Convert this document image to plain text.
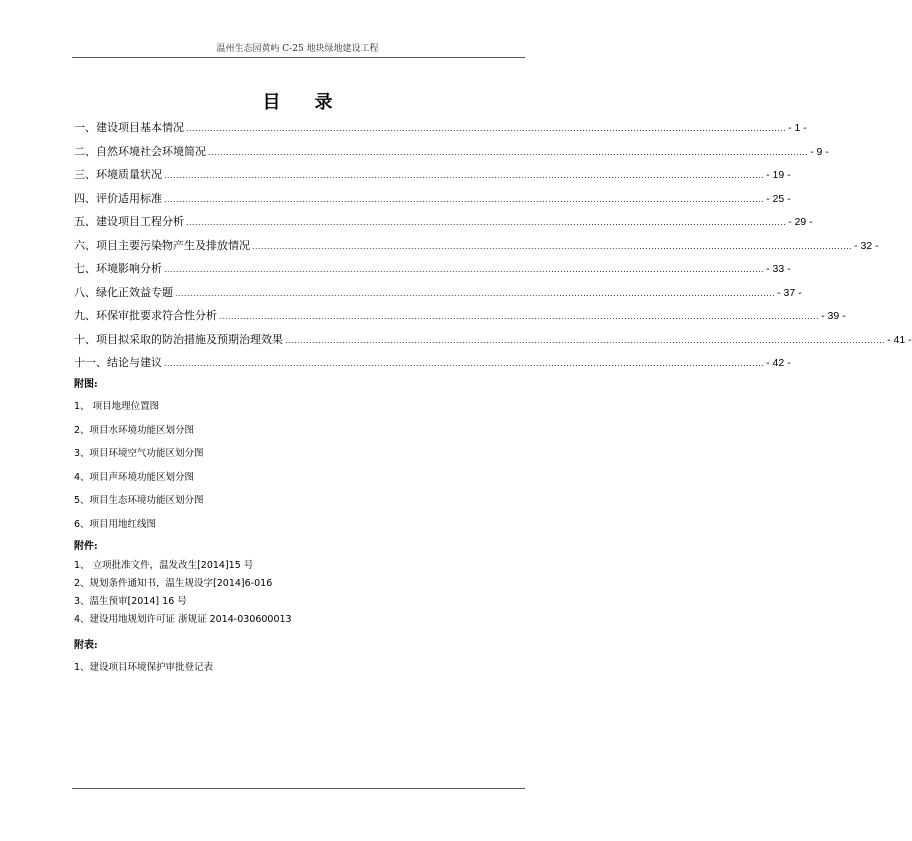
温州生态园黄屿 C-25 地块绿地建设工程
目录
一、建设项目基本情况 ........................................................................................................................................................................................................ - 1 -
二、自然环境社会环境简况 ........................................................................................................................................................................................................ - 9 -
三、环境质量状况 ........................................................................................................................................................................................................ - 19 -
四、评价适用标准 ........................................................................................................................................................................................................ - 25 -
五、建设项目工程分析 ........................................................................................................................................................................................................ - 29 -
六、项目主要污染物产生及排放情况 ........................................................................................................................................................................................................ - 32 -
七、环境影响分析 ........................................................................................................................................................................................................ - 33 -
八、绿化正效益专题 ........................................................................................................................................................................................................ - 37 -
九、环保审批要求符合性分析 ........................................................................................................................................................................................................ - 39 -
十、项目拟采取的防治措施及预期治理效果 ........................................................................................................................................................................................................ - 41 -
十一、结论与建议 ........................................................................................................................................................................................................ - 42 -
附图:
1、 项目地理位置图
2、项目水环境功能区划分图
3、项目环境空气功能区划分图
4、项目声环境功能区划分图
5、项目生态环境功能区划分图
6、项目用地红线图
附件:
1、 立项批准文件，温发改生[2014]15 号
2、规划条件通知书，温生规设字[2014]6-016
3、温生预审[2014] 16 号
4、建设用地规划许可证 浙规证 2014-030600013
附表:
1、建设项目环境保护审批登记表
